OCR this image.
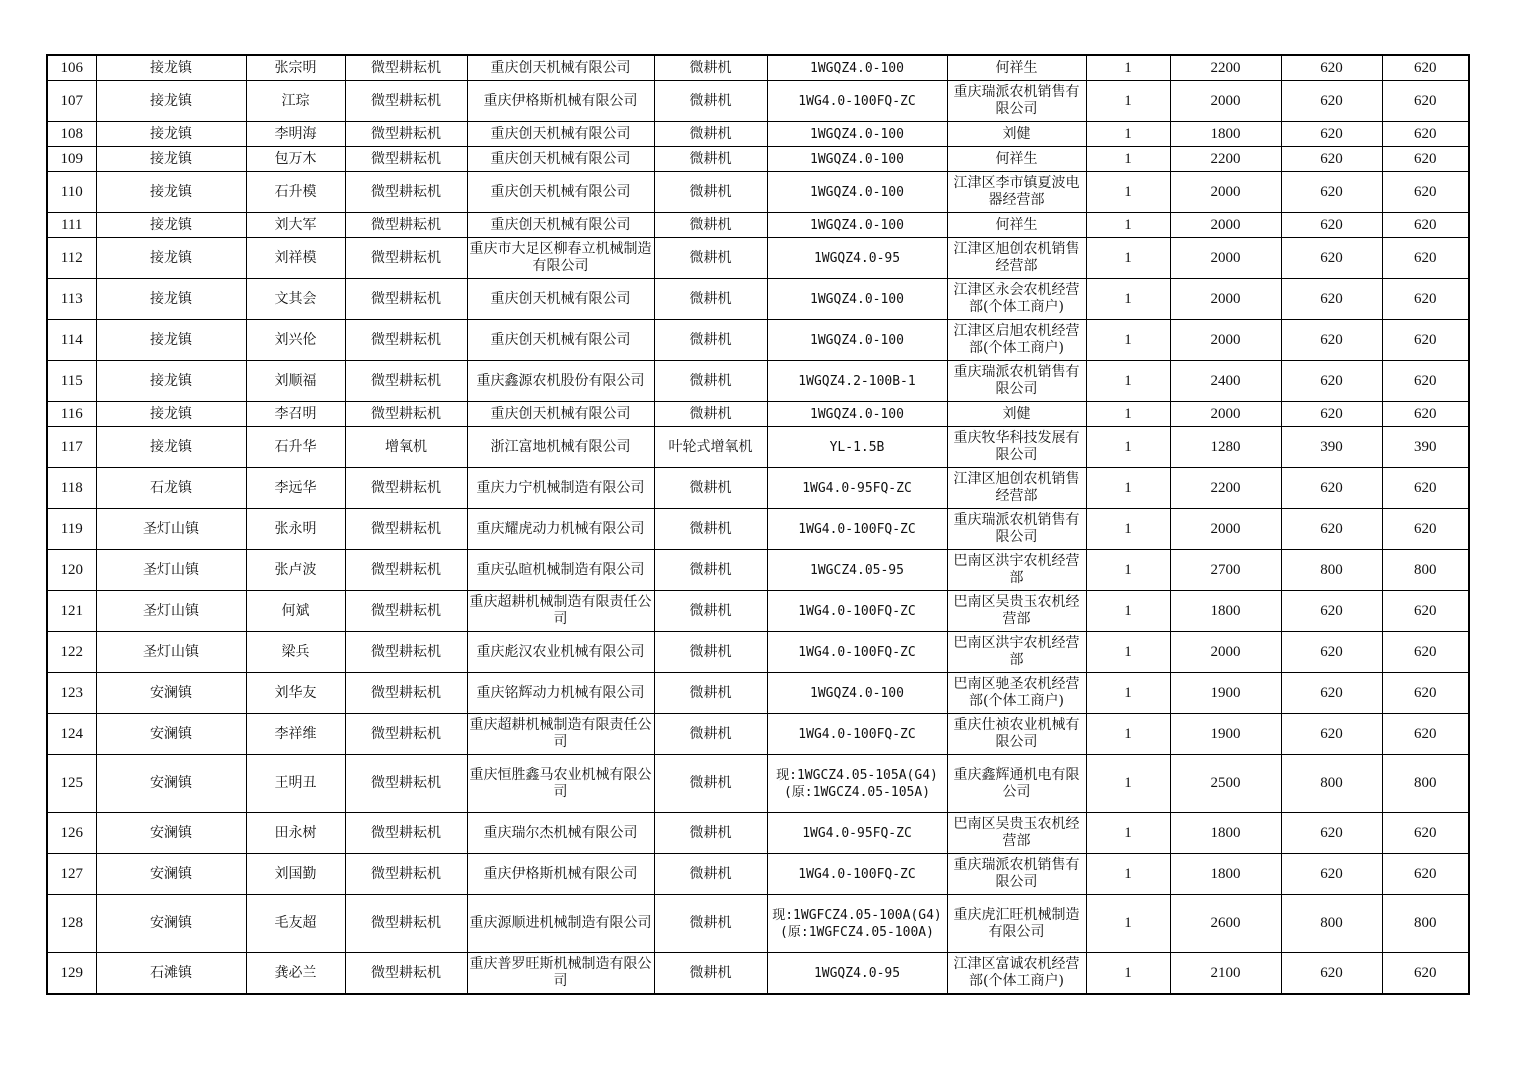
106	接龙镇	张宗明	微型耕耘机	重庆创天机械有限公司	微耕机	1WGQZ4.0-100	何祥生	1	2200	620	620
107	接龙镇	江琮	微型耕耘机	重庆伊格斯机械有限公司	微耕机	1WG4.0-100FQ-ZC	重庆瑞派农机销售有限公司	1	2000	620	620
108	接龙镇	李明海	微型耕耘机	重庆创天机械有限公司	微耕机	1WGQZ4.0-100	刘健	1	1800	620	620
109	接龙镇	包万木	微型耕耘机	重庆创天机械有限公司	微耕机	1WGQZ4.0-100	何祥生	1	2200	620	620
110	接龙镇	石升模	微型耕耘机	重庆创天机械有限公司	微耕机	1WGQZ4.0-100	江津区李市镇夏波电器经营部	1	2000	620	620
111	接龙镇	刘大军	微型耕耘机	重庆创天机械有限公司	微耕机	1WGQZ4.0-100	何祥生	1	2000	620	620
112	接龙镇	刘祥模	微型耕耘机	重庆市大足区柳春立机械制造有限公司	微耕机	1WGQZ4.0-95	江津区旭创农机销售经营部	1	2000	620	620
113	接龙镇	文其会	微型耕耘机	重庆创天机械有限公司	微耕机	1WGQZ4.0-100	江津区永会农机经营部(个体工商户)	1	2000	620	620
114	接龙镇	刘兴伦	微型耕耘机	重庆创天机械有限公司	微耕机	1WGQZ4.0-100	江津区启旭农机经营部(个体工商户)	1	2000	620	620
115	接龙镇	刘顺福	微型耕耘机	重庆鑫源农机股份有限公司	微耕机	1WGQZ4.2-100B-1	重庆瑞派农机销售有限公司	1	2400	620	620
116	接龙镇	李召明	微型耕耘机	重庆创天机械有限公司	微耕机	1WGQZ4.0-100	刘健	1	2000	620	620
117	接龙镇	石升华	增氧机	浙江富地机械有限公司	叶轮式增氧机	YL-1.5B	重庆牧华科技发展有限公司	1	1280	390	390
118	石龙镇	李远华	微型耕耘机	重庆力宁机械制造有限公司	微耕机	1WG4.0-95FQ-ZC	江津区旭创农机销售经营部	1	2200	620	620
119	圣灯山镇	张永明	微型耕耘机	重庆耀虎动力机械有限公司	微耕机	1WG4.0-100FQ-ZC	重庆瑞派农机销售有限公司	1	2000	620	620
120	圣灯山镇	张卢波	微型耕耘机	重庆弘暄机械制造有限公司	微耕机	1WGCZ4.05-95	巴南区洪宇农机经营部	1	2700	800	800
121	圣灯山镇	何斌	微型耕耘机	重庆超耕机械制造有限责任公司	微耕机	1WG4.0-100FQ-ZC	巴南区吴贵玉农机经营部	1	1800	620	620
122	圣灯山镇	梁兵	微型耕耘机	重庆彪汉农业机械有限公司	微耕机	1WG4.0-100FQ-ZC	巴南区洪宇农机经营部	1	2000	620	620
123	安澜镇	刘华友	微型耕耘机	重庆铭辉动力机械有限公司	微耕机	1WGQZ4.0-100	巴南区驰圣农机经营部(个体工商户)	1	1900	620	620
124	安澜镇	李祥维	微型耕耘机	重庆超耕机械制造有限责任公司	微耕机	1WG4.0-100FQ-ZC	重庆仕祯农业机械有限公司	1	1900	620	620
125	安澜镇	王明丑	微型耕耘机	重庆恒胜鑫马农业机械有限公司	微耕机	现:1WGCZ4.05-105A(G4)(原:1WGCZ4.05-105A)	重庆鑫辉通机电有限公司	1	2500	800	800
126	安澜镇	田永树	微型耕耘机	重庆瑞尔杰机械有限公司	微耕机	1WG4.0-95FQ-ZC	巴南区吴贵玉农机经营部	1	1800	620	620
127	安澜镇	刘国勤	微型耕耘机	重庆伊格斯机械有限公司	微耕机	1WG4.0-100FQ-ZC	重庆瑞派农机销售有限公司	1	1800	620	620
128	安澜镇	毛友超	微型耕耘机	重庆源顺进机械制造有限公司	微耕机	现:1WGFCZ4.05-100A(G4)(原:1WGFCZ4.05-100A)	重庆虎汇旺机械制造有限公司	1	2600	800	800
129	石滩镇	龚必兰	微型耕耘机	重庆普罗旺斯机械制造有限公司	微耕机	1WGQZ4.0-95	江津区富诚农机经营部(个体工商户)	1	2100	620	620
